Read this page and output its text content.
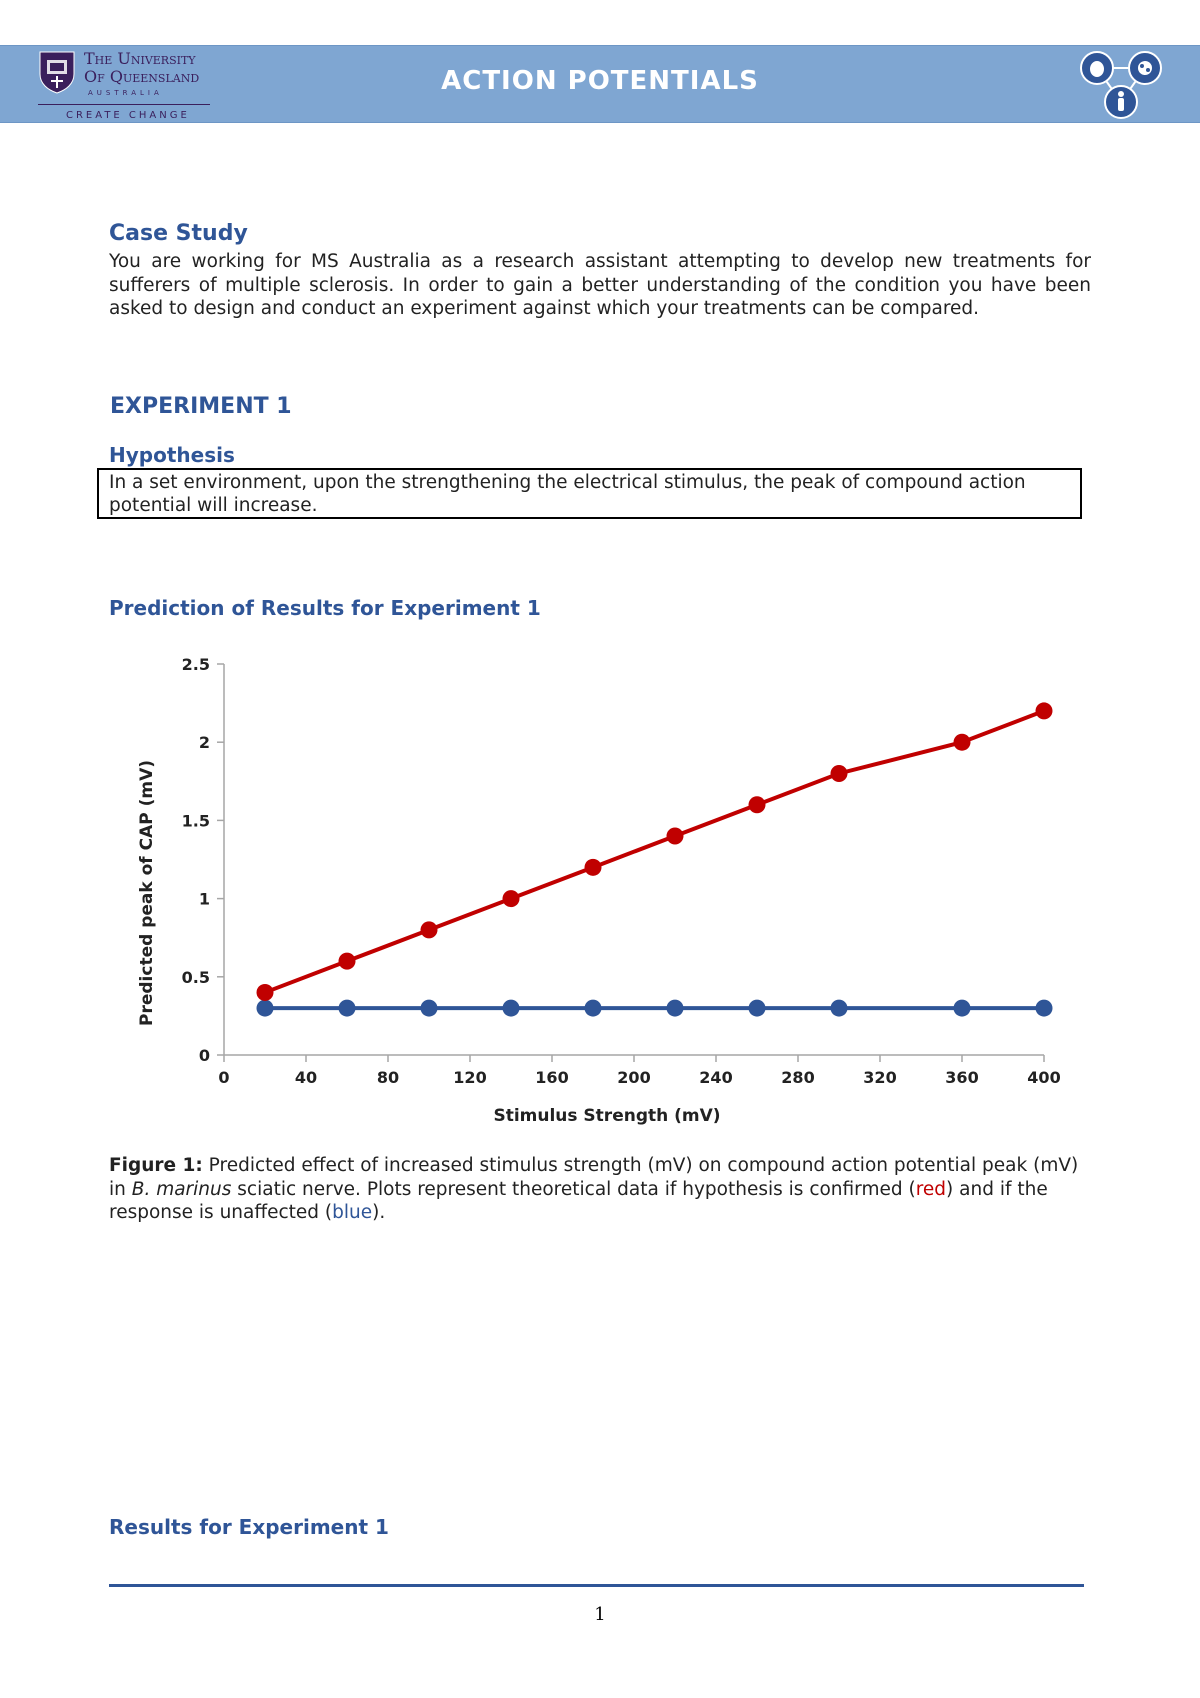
The University
Of Queensland
AUSTRALIA
CREATE CHANGE
ACTION POTENTIALS
Case Study
You are working for MS Australia as a research assistant attempting to develop new treatments for sufferers of multiple sclerosis. In order to gain a better understanding of the condition you have been asked to design and conduct an experiment against which your treatments can be compared.
EXPERIMENT 1
Hypothesis
In a set environment, upon the strengthening the electrical stimulus, the peak of compound action potential will increase.
Prediction of Results for Experiment 1
0
0.5
1
1.5
2
2.5
0	40	80	120	160	200	240	280	320	360	400
Stimulus Strength (mV)
Predicted peak of CAP (mV)
Figure 1: Predicted effect of increased stimulus strength (mV) on compound action potential peak (mV) in B. marinus sciatic nerve. Plots represent theoretical data if hypothesis is confirmed (red) and if the response is unaffected (blue).
Results for Experiment 1
1
